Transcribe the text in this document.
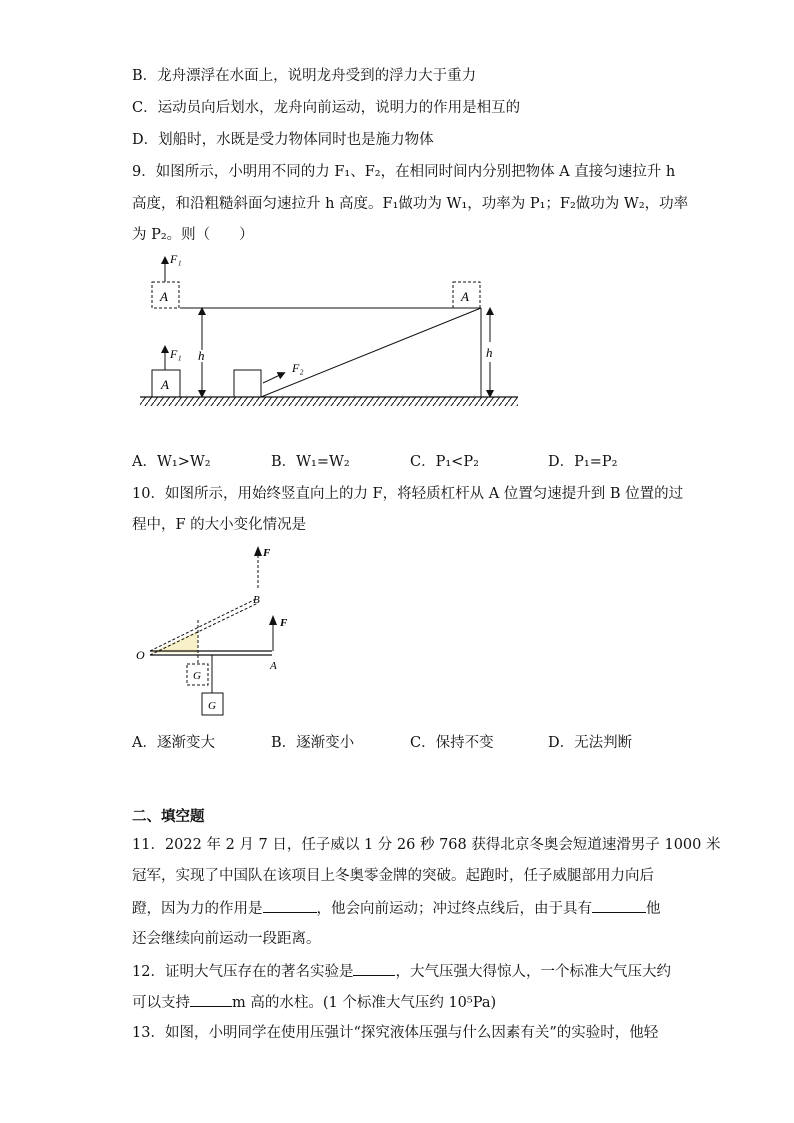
B．龙舟漂浮在水面上，说明龙舟受到的浮力大于重力
C．运动员向后划水，龙舟向前运动，说明力的作用是相互的
D．划船时，水既是受力物体同时也是施力物体
9．如图所示，小明用不同的力 F₁、F₂，在相同时间内分别把物体 A 直接匀速拉升 h
高度，和沿粗糙斜面匀速拉升 h 高度。F₁做功为 W₁，功率为 P₁；F₂做功为 W₂，功率
为 P₂。则（　　）
A
F₁
A
h
A
F₁
F₂
h
A．W₁>W₂	B．W₁=W₂	C．P₁<P₂	D．P₁=P₂
10．如图所示，用始终竖直向上的力 F，将轻质杠杆从 A 位置匀速提升到 B 位置的过
程中，F 的大小变化情况是
F
B
F
A
O
G
G
A．逐渐变大	B．逐渐变小	C．保持不变	D．无法判断
二、填空题
11．2022 年 2 月 7 日，任子威以 1 分 26 秒 768 获得北京冬奥会短道速滑男子 1000 米
冠军，实现了中国队在该项目上冬奥零金牌的突破。起跑时，任子威腿部用力向后
蹬，因为力的作用是	，他会向前运动；冲过终点线后，由于具有	他
还会继续向前运动一段距离。
12．证明大气压存在的著名实验是	，大气压强大得惊人，一个标准大气压大约
可以支持	m 高的水柱。(1 个标准大气压约 10⁵Pa)
13．如图，小明同学在使用压强计“探究液体压强与什么因素有关”的实验时，他轻
